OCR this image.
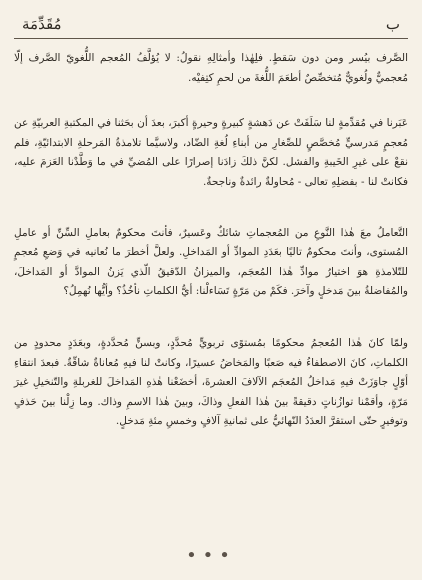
ب
مُقَدِّمَة

الصَّرف بيُسر ومن دون سَقطٍ. فلِهٰذا وأمثالِهِ نقولُ: لا يُؤلَّفُ المُعجم اللُّغويّ الصَّرف إلّا مُعجميٌّ ولُغويٌّ مُتخصِّصٌ أطعَمَ اللُّغةَ من لحمِ كتِفيْه.

عَبَرنا في مُقدِّمةٍ لنا سَلَفَتْ عن دَهشةٍ كبيرةٍ وحيرةٍ أكبرَ، بعدَ أن بحَثنا في المكتبةِ العربيّةِ عن مُعجمٍ مَدرسيٍّ مُخصَّصٍ للصِّغارِ من أبناءِ لُغةِ الضّاد، ولاسيَّما تلامذةُ المَرحلةِ الابتدائيّةِ، فلم نقعْ على غيرِ الخَيبةِ والفشل. لكنَّ ذلكَ زادَنا إصرارًا على المُضيِّ في ما وَطَّدْنا العَزمَ عليه، فكانتْ لنا - بفضلِهِ تعالى - مُحاولةٌ رائدةٌ وناجحةٌ.

التَّعاملُ معَ هٰذا النَّوعِ من المُعجماتِ شائكٌ وعَسيرٌ، فأنتَ محكومٌ بعاملِ السِّنِّ أو عاملِ المُستوى، وأنتَ محكومٌ تاليًا بعَدَدِ الموادِّ أو المَداخلِ. ولعلَّ أخطرَ ما نُعانيه في وَضعِ مُعجمٍ للتّلامذةِ هوَ اختيارُ موادِّ هٰذا المُعجَم، والميزانُ الدّقيقُ الّذي يَزنُ الموادَّ أو المَداخلَ، والمُفاضلةُ بينَ مَدخلٍ وآخرَ. فكَمْ من مَرّةٍ تَسَاءلْنا: أيُّ الكلماتِ نأخُذُ؟ وأيُّها نُهمِلُ؟

ولمّا كانَ هٰذا المُعجمُ محكومًا بمُستوًى تربويٍّ مُحدَّدٍ، وبسنٍّ مُحدَّدةٍ، وبعَدَدٍ محدودٍ من الكلماتِ، كانَ الاصطفاءُ فيه صَعبًا والمَخاضُ عسيرًا، وكانتْ لنا فيهِ مُعاناةٌ شاقّةٌ. فبعدَ انتقاءِ أوّلٍ جاوَزَتْ فيهِ مَداخلُ المُعجَم الآلافَ العشرةَ، أخضَعْنا هٰذهِ المَداخلَ للغربلةِ والتّنخيلِ غيرَ مَرّةٍ، وأقمْنا توازُناتٍ دقيقةً بينَ هٰذا الفعلِ وذاكَ، وبينَ هٰذا الاسمِ وذاك. وما زِلْنا بينَ حَذفٍ وتوفيرٍ حتّى استقرَّ العدَدُ النّهائيُّ على ثمانيةِ آلافٍ وخمسِ مئةِ مَدخلٍ.

•••
